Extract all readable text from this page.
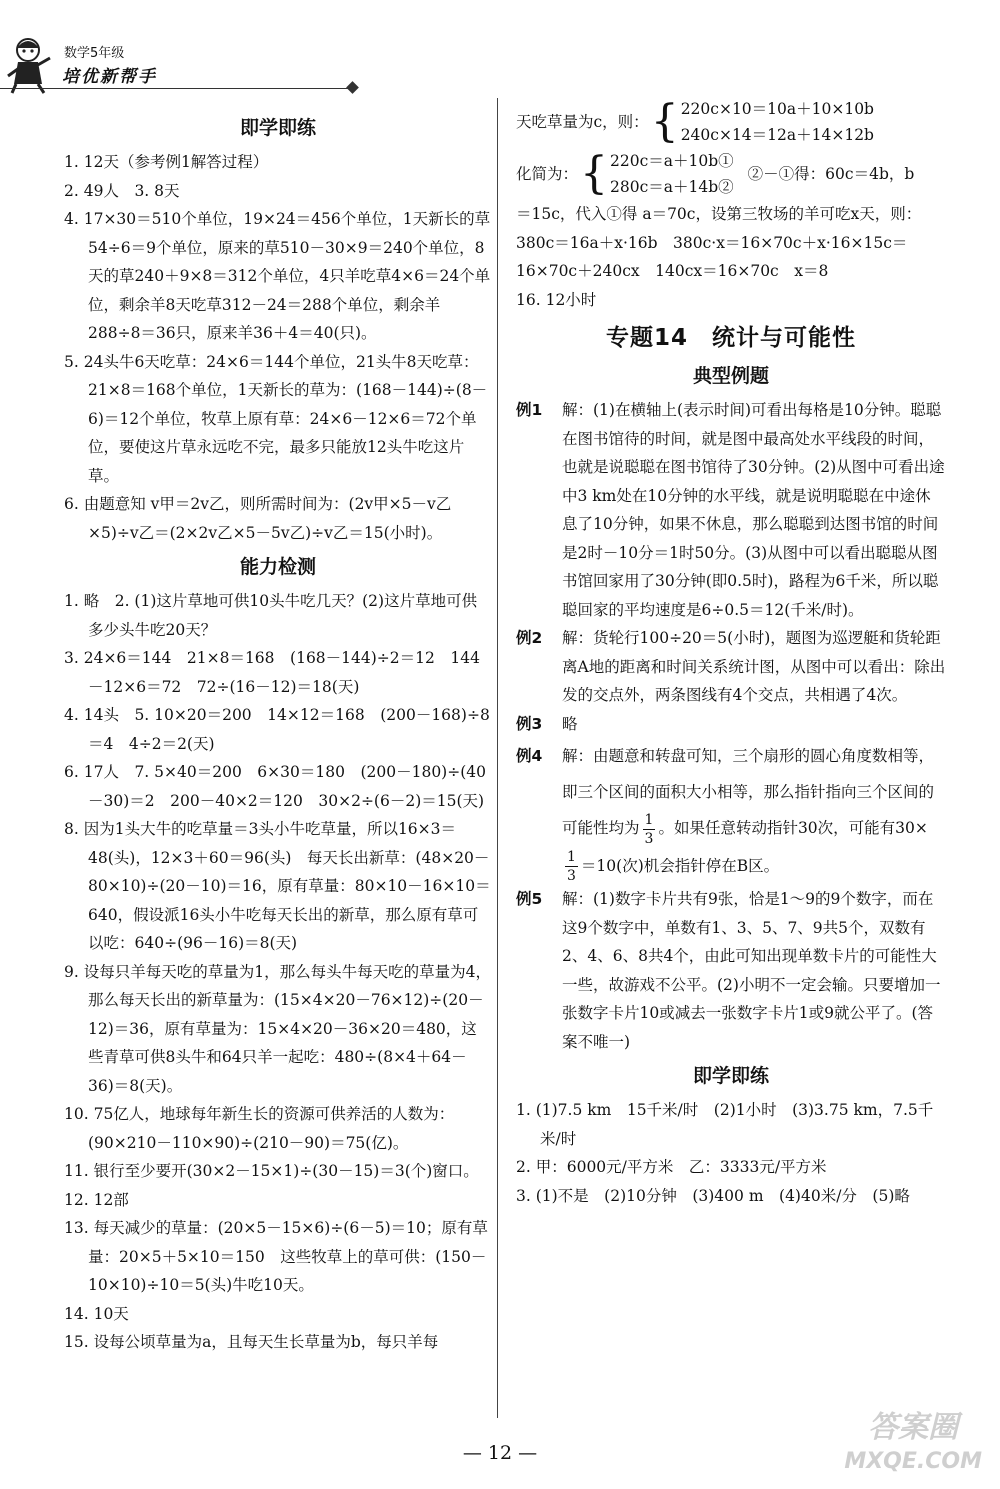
数学5年级
培优新帮手
即学即练
1. 12天（参考例1解答过程）
2. 49人　3. 8天
4. 17×30＝510个单位，19×24＝456个单位，1天新长的草54÷6＝9个单位，原来的草510－30×9＝240个单位，8天的草240＋9×8＝312个单位，4只羊吃草4×6＝24个单位，剩余羊8天吃草312－24＝288个单位，剩余羊288÷8＝36只，原来羊36＋4＝40(只)。
5. 24头牛6天吃草：24×6＝144个单位，21头牛8天吃草：21×8＝168个单位，1天新长的草为：(168－144)÷(8－6)＝12个单位，牧草上原有草：24×6－12×6＝72个单位，要使这片草永远吃不完，最多只能放12头牛吃这片草。
6. 由题意知 v甲＝2v乙，则所需时间为：(2v甲×5－v乙×5)÷v乙＝(2×2v乙×5－5v乙)÷v乙＝15(小时)。
能力检测
1. 略　2. (1)这片草地可供10头牛吃几天？(2)这片草地可供多少头牛吃20天？
3. 24×6＝144　21×8＝168　(168－144)÷2＝12　144－12×6＝72　72÷(16－12)＝18(天)
4. 14头　5. 10×20＝200　14×12＝168　(200－168)÷8＝4　4÷2＝2(天)
6. 17人　7. 5×40＝200　6×30＝180　(200－180)÷(40－30)＝2　200－40×2＝120　30×2÷(6－2)＝15(天)
8. 因为1头大牛的吃草量＝3头小牛吃草量，所以16×3＝48(头)，12×3＋60＝96(头)　每天长出新草：(48×20－80×10)÷(20－10)＝16，原有草量：80×10－16×10＝640，假设派16头小牛吃每天长出的新草，那么原有草可以吃：640÷(96－16)＝8(天)
9. 设每只羊每天吃的草量为1，那么每头牛每天吃的草量为4，那么每天长出的新草量为：(15×4×20－76×12)÷(20－12)＝36，原有草量为：15×4×20－36×20＝480，这些青草可供8头牛和64只羊一起吃：480÷(8×4＋64－36)＝8(天)。
10. 75亿人，地球每年新生长的资源可供养活的人数为：(90×210－110×90)÷(210－90)＝75(亿)。
11. 银行至少要开(30×2－15×1)÷(30－15)＝3(个)窗口。
12. 12部
13. 每天减少的草量：(20×5－15×6)÷(6－5)＝10；原有草量：20×5＋5×10＝150　这些牧草上的草可供：(150－10×10)÷10＝5(头)牛吃10天。
14. 10天
15. 设每公顷草量为a，且每天生长草量为b，每只羊每
天吃草量为c，则： { 220c×10＝10a＋10×10b
240c×14＝12a＋14×12b
化简为： { 220c＝a＋10b①
280c＝a＋14b②
②－①得：60c＝4b，b
＝15c，代入①得 a＝70c，设第三牧场的羊可吃x天，则：380c＝16a＋x·16b　380c·x＝16×70c＋x·16×15c＝16×70c＋240cx　140cx＝16×70c　x＝8
16. 12小时
专题14　统计与可能性
典型例题
例1 解：(1)在横轴上(表示时间)可看出每格是10分钟。聪聪在图书馆待的时间，就是图中最高处水平线段的时间，也就是说聪聪在图书馆待了30分钟。(2)从图中可看出途中3 km处在10分钟的水平线，就是说明聪聪在中途休息了10分钟，如果不休息，那么聪聪到达图书馆的时间是2时－10分＝1时50分。(3)从图中可以看出聪聪从图书馆回家用了30分钟(即0.5时)，路程为6千米，所以聪聪回家的平均速度是6÷0.5＝12(千米/时)。
例2 解：货轮行100÷20＝5(小时)，题图为巡逻艇和货轮距离A地的距离和时间关系统计图，从图中可以看出：除出发的交点外，两条图线有4个交点，共相遇了4次。
例3 略
例4 解：由题意和转盘可知，三个扇形的圆心角度数相等，即三个区间的面积大小相等，那么指针指向三个区间的可能性均为 $\frac{1}{3}$ 。如果任意转动指针30次，可能有30×
$\frac{1}{3} =10$(次)机会指针停在B区。
例5 解：(1)数字卡片共有9张，恰是1～9的9个数字，而在这9个数字中，单数有1、3、5、7、9共5个，双数有2、4、6、8共4个，由此可知出现单数卡片的可能性大一些，故游戏不公平。(2)小明不一定会输。只要增加一张数字卡片10或减去一张数字卡片1或9就公平了。(答案不唯一)
即学即练
1. (1)7.5 km　15千米/时　(2)1小时　(3)3.75 km，7.5千米/时
2. 甲：6000元/平方米　乙：3333元/平方米
3. (1)不是　(2)10分钟　(3)400 m　(4)40米/分　(5)略
— 12 —
答案圈
MXQE.COM
